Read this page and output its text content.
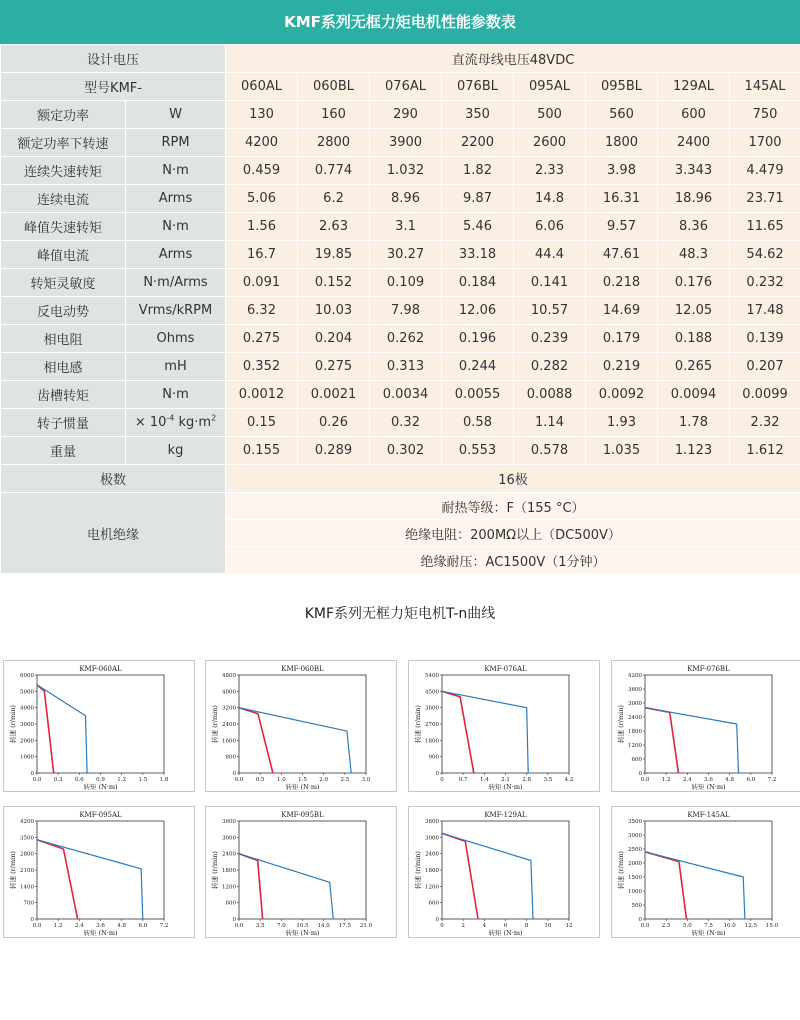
KMF系列无框力矩电机性能参数表
设计电压		直流母线电压48VDC							
型号KMF-		060AL	060BL	076AL	076BL	095AL	095BL	129AL	145AL
额定功率	W	130	160	290	350	500	560	600	750
额定功率下转速	RPM	4200	2800	3900	2200	2600	1800	2400	1700
连续失速转矩	N·m	0.459	0.774	1.032	1.82	2.33	3.98	3.343	4.479
连续电流	Arms	5.06	6.2	8.96	9.87	14.8	16.31	18.96	23.71
峰值失速转矩	N·m	1.56	2.63	3.1	5.46	6.06	9.57	8.36	11.65
峰值电流	Arms	16.7	19.85	30.27	33.18	44.4	47.61	48.3	54.62
转矩灵敏度	N·m/Arms	0.091	0.152	0.109	0.184	0.141	0.218	0.176	0.232
反电动势	Vrms/kRPM	6.32	10.03	7.98	12.06	10.57	14.69	12.05	17.48
相电阻	Ohms	0.275	0.204	0.262	0.196	0.239	0.179	0.188	0.139
相电感	mH	0.352	0.275	0.313	0.244	0.282	0.219	0.265	0.207
齿槽转矩	N·m	0.0012	0.0021	0.0034	0.0055	0.0088	0.0092	0.0094	0.0099
转子惯量	× $10^{-4}$ $kg\cdot m^2$	0.15	0.26	0.32	0.58	1.14	1.93	1.78	2.32
重量	kg	0.155	0.289	0.302	0.553	0.578	1.035	1.123	1.612
极数		16极							
电机绝缘		耐热等级：F（155 °C）							
		绝缘电阻：200MΩ以上（DC500V）							
		绝缘耐压：AC1500V（1分钟）							
KMF系列无框力矩电机T-n曲线
KMF-060AL
0
1000
2000
3000
4000
5000
6000
0.0 0.3 0.6 0.9 1.2 1.5 1.8
转矩 (N·m)
转速 (r/min)
KMF-060BL
0
800
1600
2400
3200
4000
4800
0.0 0.5 1.0 1.5 2.0 2.5 3.0
转矩 (N·m)
转速 (r/min)
KMF-076AL
0
900
1800
2700
3600
4500
5400
0	0.7 1.4 2.1 2.8 3.5 4.2
转矩 (N·m)
转速 (r/min)
KMF-076BL
0
600
1200
1800
2400
3000
3600
4200
0.0 1.2 2.4 3.6 4.8 6.0 7.2
转矩 (N·m)
转速 (r/min)
KMF-095AL
0
700
1400
2100
2800
3500
4200
0.0 1.2 2.4 3.6 4.8 6.0 7.2
转矩 (N·m)
转速 (r/min)
KMF-095BL
0
600
1200
1800
2400
3000
3600
0.0 3.5 7.0 10.5 14.0 17.5 21.0
转矩 (N·m)
转速 (r/min)
KMF-129AL
0
600
1200
1800
2400
3000
3600
0	2	4	6	8	10	12
转矩 (N·m)
转速 (r/min)
KMF-145AL
0
500
1000
1500
2000
2500
3000
3500
0.0 2.5 5.0 7.5 10.0 12.5 15.0
转矩 (N·m)
转速 (r/min)
